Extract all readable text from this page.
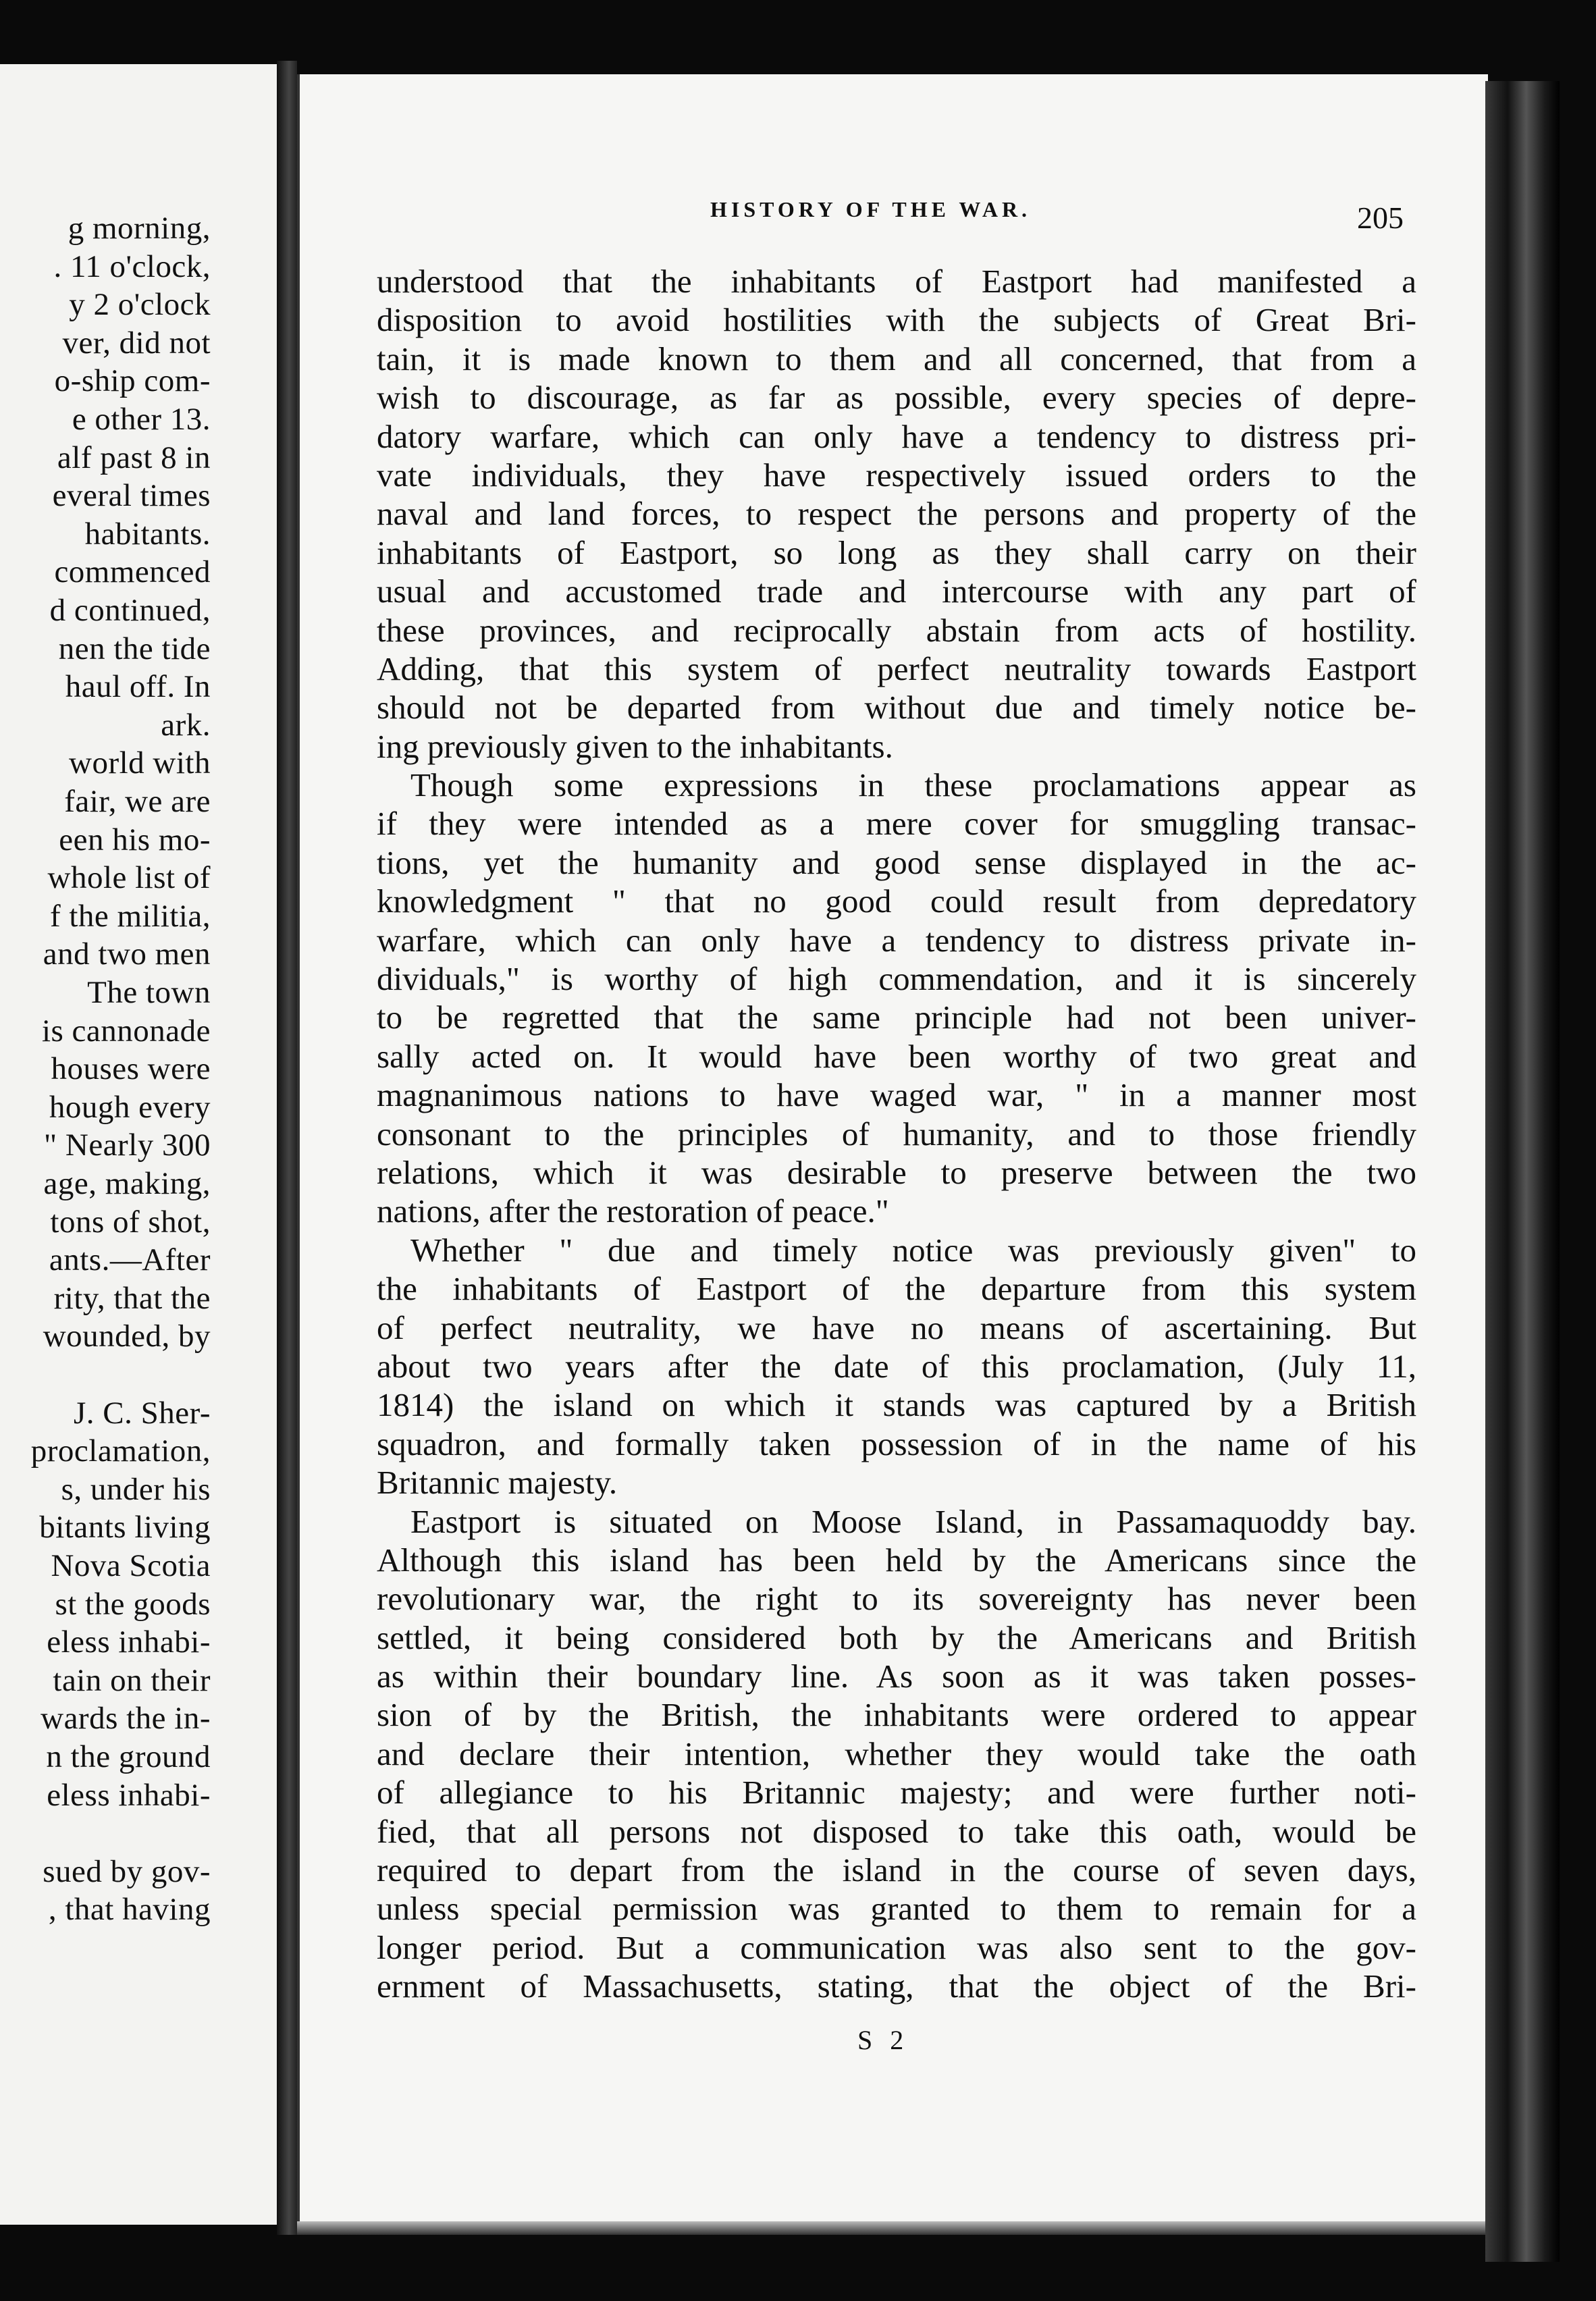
g morning,
. 11 o'clock,
y 2 o'clock
ver, did not
o-ship com-
e other 13.
alf past 8 in
everal times
habitants.
commenced
d continued,
nen the tide
haul off. In
ark.
world with
fair, we are
een his mo-
whole list of
f the militia,
and two men
The town
is cannonade
houses were
hough every
" Nearly 300
age, making,
tons of shot,
ants.—After
rity, that the
wounded, by
J. C. Sher-
proclamation,
s, under his
bitants living
Nova Scotia
st the goods
eless inhabi-
tain on their
wards the in-
n the ground
eless inhabi-
sued by gov-
, that having
HISTORY OF THE WAR.	205
understood that the inhabitants of Eastport had manifested a
disposition to avoid hostilities with the subjects of Great Bri-
tain, it is made known to them and all concerned, that from a
wish to discourage, as far as possible, every species of depre-
datory warfare, which can only have a tendency to distress pri-
vate individuals, they have respectively issued orders to the
naval and land forces, to respect the persons and property of the
inhabitants of Eastport, so long as they shall carry on their
usual and accustomed trade and intercourse with any part of
these provinces, and reciprocally abstain from acts of hostility.
Adding, that this system of perfect neutrality towards Eastport
should not be departed from without due and timely notice be-
ing previously given to the inhabitants.
Though some expressions in these proclamations appear as
if they were intended as a mere cover for smuggling transac-
tions, yet the humanity and good sense displayed in the ac-
knowledgment " that no good could result from depredatory
warfare, which can only have a tendency to distress private in-
dividuals," is worthy of high commendation, and it is sincerely
to be regretted that the same principle had not been univer-
sally acted on. It would have been worthy of two great and
magnanimous nations to have waged war, " in a manner most
consonant to the principles of humanity, and to those friendly
relations, which it was desirable to preserve between the two
nations, after the restoration of peace."
Whether " due and timely notice was previously given" to
the inhabitants of Eastport of the departure from this system
of perfect neutrality, we have no means of ascertaining. But
about two years after the date of this proclamation, (July 11,
1814) the island on which it stands was captured by a British
squadron, and formally taken possession of in the name of his
Britannic majesty.
Eastport is situated on Moose Island, in Passamaquoddy bay.
Although this island has been held by the Americans since the
revolutionary war, the right to its sovereignty has never been
settled, it being considered both by the Americans and British
as within their boundary line. As soon as it was taken posses-
sion of by the British, the inhabitants were ordered to appear
and declare their intention, whether they would take the oath
of allegiance to his Britannic majesty; and were further noti-
fied, that all persons not disposed to take this oath, would be
required to depart from the island in the course of seven days,
unless special permission was granted to them to remain for a
longer period. But a communication was also sent to the gov-
ernment of Massachusetts, stating, that the object of the Bri-
S 2
